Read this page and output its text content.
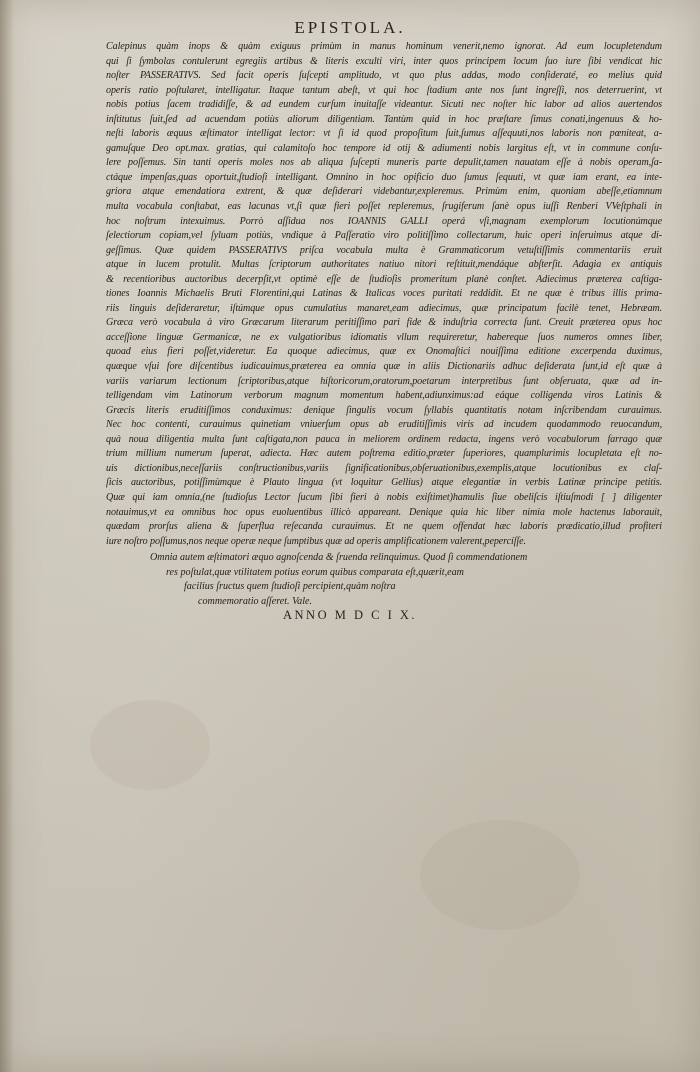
EPISTOLA.
Calepinus quàm inops & quàm exiguus primùm in manus hominum venerit,nemo ignorat. Ad eum locupletendum
qui ſi ſymbolas contulerunt egregiis artibus & literis exculti viri, inter quos principem locum ſuo iure ſibi vendicat hic
noſter PASSERATIVS. Sed facit operis ſuſcepti amplitudo, vt quo plus addas, modo conſideraté, eo melius quid
operis ratio poſtularet, intelligatur. Itaque tantum abeſt, vt qui hoc ſtadium ante nos ſunt ingreſſi, nos deterruerint, vt
nobis potius ſacem tradidiſſe, & ad eundem curſum inuitaſſe videantur. Sicuti nec noſter hic labor ad alios auertendos
inſtitutus ſuit,ſed ad acuendam potiùs aliorum diligentiam. Tantùm quid in hoc præſtare ſimus conati,ingenuus & ho-
neſti laboris æquus æſtimator intelligat lector: vt ſi id quod propoſitum ſuit,ſumus aſſequuti,nos laboris non pœniteat, a-
gamuſque Deo opt.max. gratias, qui calamitoſo hoc tempore id otij & adiumenti nobis largitus eſt, vt in commune conſu-
lere poſſemus. Sin tanti operis moles nos ab aliqua ſuſcepti muneris parte depulit,tamen nauatam eſſe à nobis operam,ſa-
ctáque impenſas,quas oportuit,ſtudioſi intelligant. Omnino in hoc opificio duo ſumus ſequuti, vt quæ iam erant, ea inte-
griora atque emendatiora extrent, & quæ deſiderari videbantur,expleremus. Primùm enim, quoniam abeſſe,etiamnum
multa vocabula conſtabat, eas lacunas vt,ſi quæ fieri poſſet repleremus, ſrugiferum ſanè opus iuſſi Renberi VVeſtphali in
hoc noſtrum intexuimus. Porrò aſſidua nos IOANNIS GALLI operá vſi,magnam exemplorum locutionúmque
ſelectiorum copiam,vel ſyluam potiùs, vndique à Paſſeratio viro politiſſimo collectarum, huic operi inſeruimus atque di-
geſſimus. Quæ quidem PASSERATIVS priſca vocabula multa è Grammaticorum vetuſtiſſimis commentariis eruit
atque in lucem protulit. Multas ſcriptorum authoritates natiuo nitori reſtituit,mendáque abſterſit. Adagia ex antiquis
& recentioribus auctoribus decerpſit,vt optimè eſſe de ſtudioſis promeritum planè conſtet. Adiecimus præterea caſtiga-
tiones Ioannis Michaelis Bruti Florentini,qui Latinas & Italicas voces puritati reddidit. Et ne quæ è tribus illis prima-
riis linguis deſideraretur, iſtúmque opus cumulatius manaret,eam adiecimus, quæ principatum facilè tenet, Hebræam.
Græca verò vocabula à viro Græcarum literarum peritiſſimo pari fide & induſtria correcta ſunt. Creuit præterea opus hoc
acceſſione linguæ Germanicæ, ne ex vulgatioribus idiomatis vllum requireretur, habereque ſuos numeros omnes liber,
quoad eius fieri poſſet,videretur. Ea quoque adiecimus, quæ ex Onomaſtici nouiſſima editione excerpenda duximus,
quæque vſui fore diſcentibus iudicauimus,præterea ea omnia quæ in aliis Dictionariis adhuc deſiderata ſunt,id eſt quæ à
variis variarum lectionum ſcriptoribus,atque hiſtoricorum,oratorum,poetarum interpretibus ſunt obſeruata, quæ ad in-
telligendam vim Latinorum verborum magnum momentum habent,adiunximus:ad eáque colligenda viros Latinis &
Græcis literis eruditiſſimos conduximus: denique ſingulis vocum ſyllabis quantitatis notam inſcribendam curauimus.
Nec hoc contenti, curauimus quinetiam vniuerſum opus ab eruditiſſimis viris ad incudem quodammodo reuocandum,
quà noua diligentia multa ſunt caſtigata,non pauca in meliorem ordinem redacta, ingens verò vocabulorum farrago quæ
trium millium numerum ſuperat, adiecta. Hæc autem poſtrema editio,præter ſuperiores, quamplurimis locupletata eſt no-
uis dictionibus,neceſſariis conſtructionibus,variis ſignificationibus,obſeruationibus,exemplis,atque locutionibus ex claſ-
ſicis auctoribus, potiſſimùmque è Plauto lingua (vt loquitur Gellius) atque elegantiæ in verbis Latinæ principe petitis.
Quæ qui iam omnia,(ne ſtudioſus Lector ſucum ſibi fieri à nobis exiſtimet)hamulis ſiue obeliſcis iſtiuſmodi [ ] diligenter
notauimus,vt ea omnibus hoc opus euoluentibus illicò appareant. Denique quia hic liber nimia mole hactenus laborauit,
quædam prorſus aliena & ſuperflua reſecanda curauimus. Et ne quem offendat hæc laboris prædicatio,illud profiteri
iure noſtro poſſumus,nos neque operæ neque ſumptibus quæ ad operis amplificationem valerent,pepercíſſe.
Omnia autem æſtimatori æquo agnoſcenda & ſruenda relinquimus. Quod ſi commendationem
res poſtulat,quæ vtilitatem potius eorum quibus comparata eſt,quærit,eam
facilius ſructus quem ſtudioſi percipient,quàm noſtra
commemoratio aſſeret. Vale.
ANNO M D C I X.
